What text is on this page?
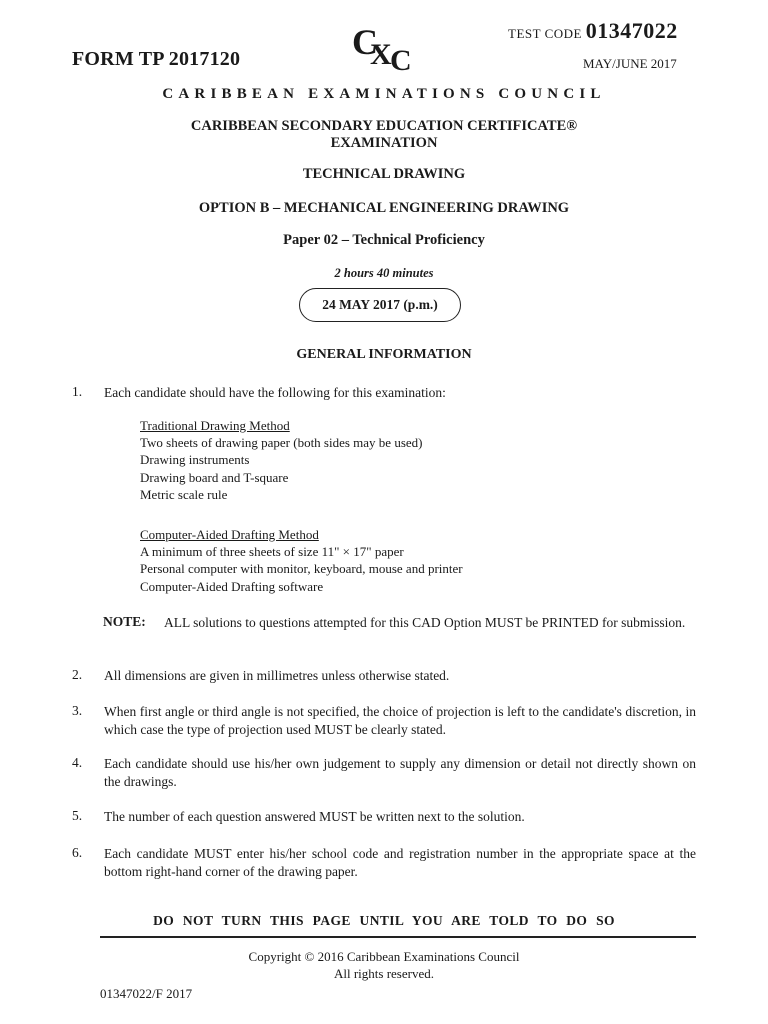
FORM TP 2017120	C
X
C
TEST CODE 01347022
MAY/JUNE 2017
CARIBBEAN EXAMINATIONS COUNCIL
CARIBBEAN SECONDARY EDUCATION CERTIFICATE®
EXAMINATION
TECHNICAL DRAWING
OPTION B – MECHANICAL ENGINEERING DRAWING
Paper 02 – Technical Proficiency
2 hours 40 minutes
24 MAY 2017 (p.m.)
GENERAL INFORMATION
1. Each candidate should have the following for this examination:
Traditional Drawing Method
Two sheets of drawing paper (both sides may be used)
Drawing instruments
Drawing board and T-square
Metric scale rule
Computer-Aided Drafting Method
A minimum of three sheets of size 11" × 17" paper
Personal computer with monitor, keyboard, mouse and printer
Computer-Aided Drafting software
NOTE: ALL solutions to questions attempted for this CAD Option MUST be PRINTED for submission.
2. All dimensions are given in millimetres unless otherwise stated.
3. When first angle or third angle is not specified, the choice of projection is left to the candidate's discretion, in which case the type of projection used MUST be clearly stated.
4. Each candidate should use his/her own judgement to supply any dimension or detail not directly shown on the drawings.
5. The number of each question answered MUST be written next to the solution.
6. Each candidate MUST enter his/her school code and registration number in the appropriate space at the bottom right-hand corner of the drawing paper.
DO NOT TURN THIS PAGE UNTIL YOU ARE TOLD TO DO SO
Copyright © 2016 Caribbean Examinations Council
All rights reserved.
01347022/F 2017
